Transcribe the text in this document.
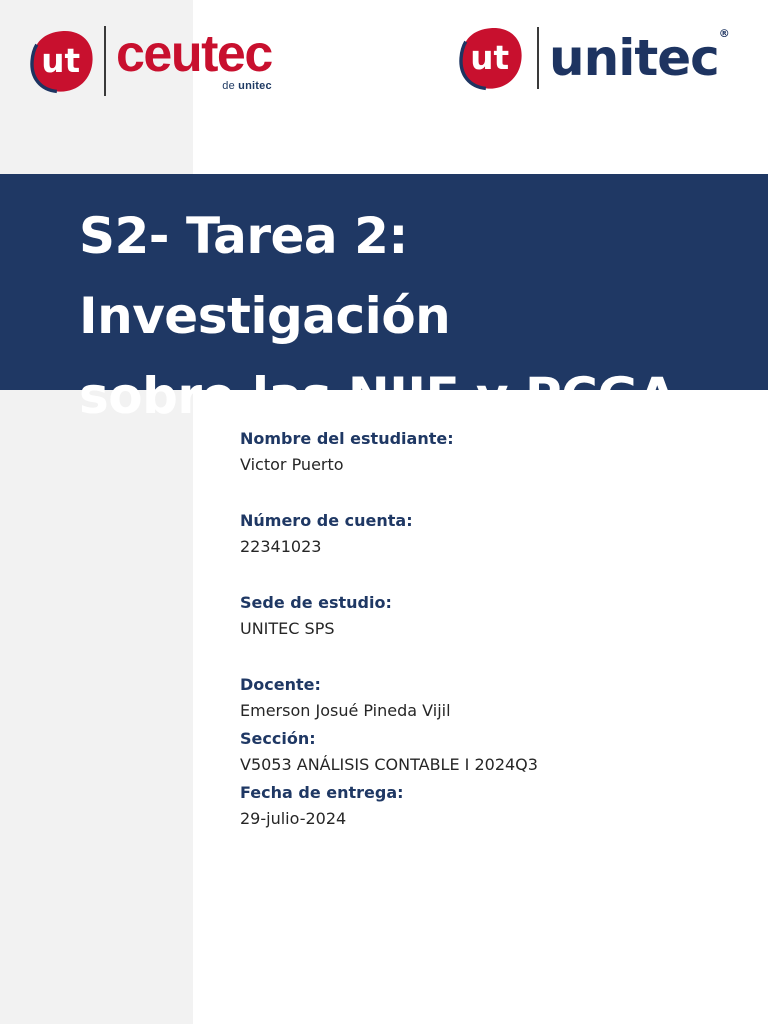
ut ceutec
de unitec
ut unitec ®
S2- Tarea 2: Investigación
sobre las NIIF y PCGA
Nombre del estudiante:
Victor Puerto
Número de cuenta:
22341023
Sede de estudio:
UNITEC SPS
Docente:
Emerson Josué Pineda Vijil
Sección:
V5053 ANÁLISIS CONTABLE I 2024Q3
Fecha de entrega:
29-julio-2024
